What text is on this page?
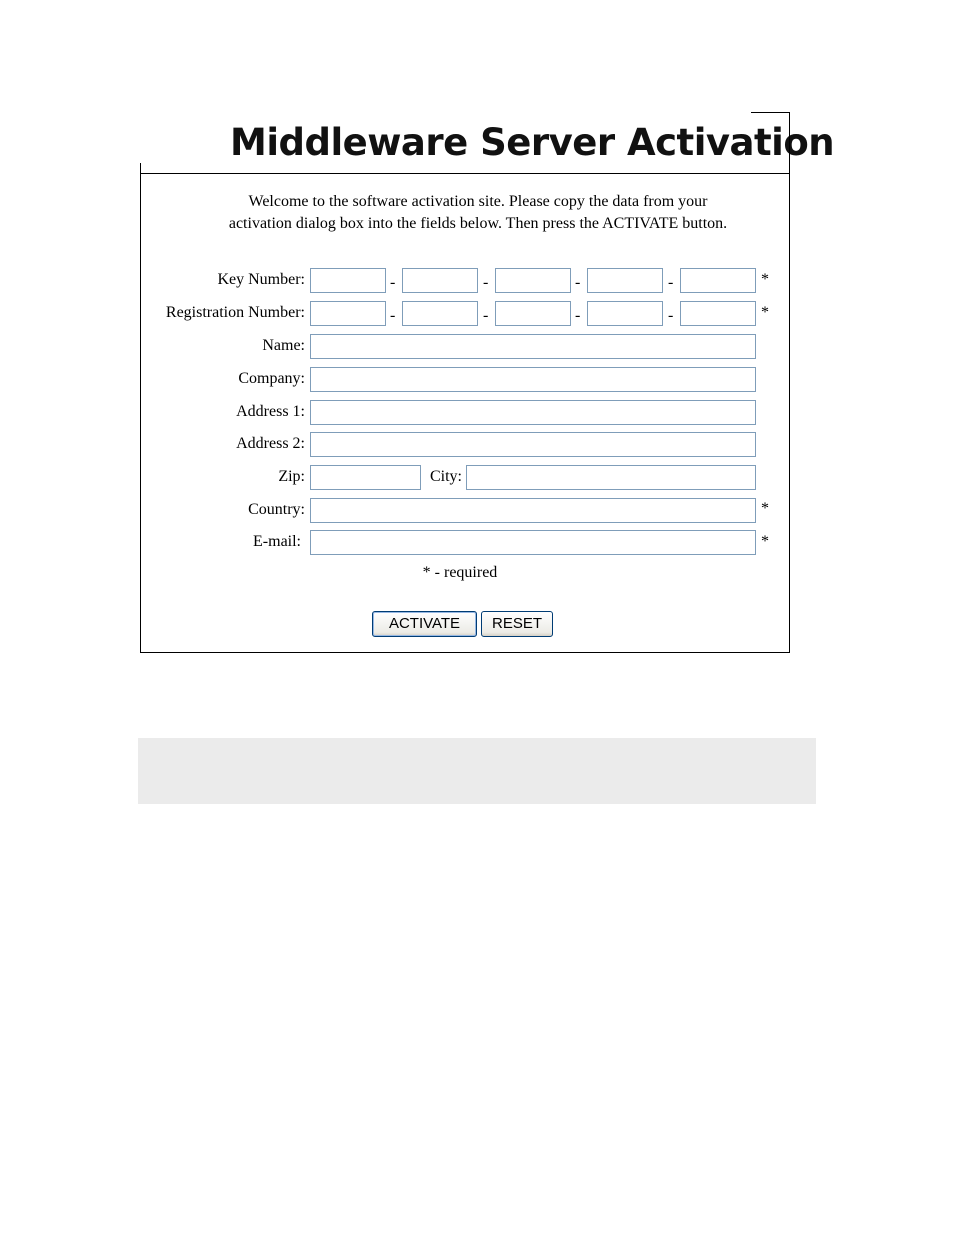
Middleware Server Activation
Welcome to the software activation site. Please copy the data from your activation dialog box into the fields below. Then press the ACTIVATE button.
Key Number:	-	-	-	-	*
Registration Number:	-	-	-	-	*
Name:
Company:
Address 1:
Address 2:
Zip:	City:
Country:	*
E-mail:	*
* - required
ACTIVATE	RESET
